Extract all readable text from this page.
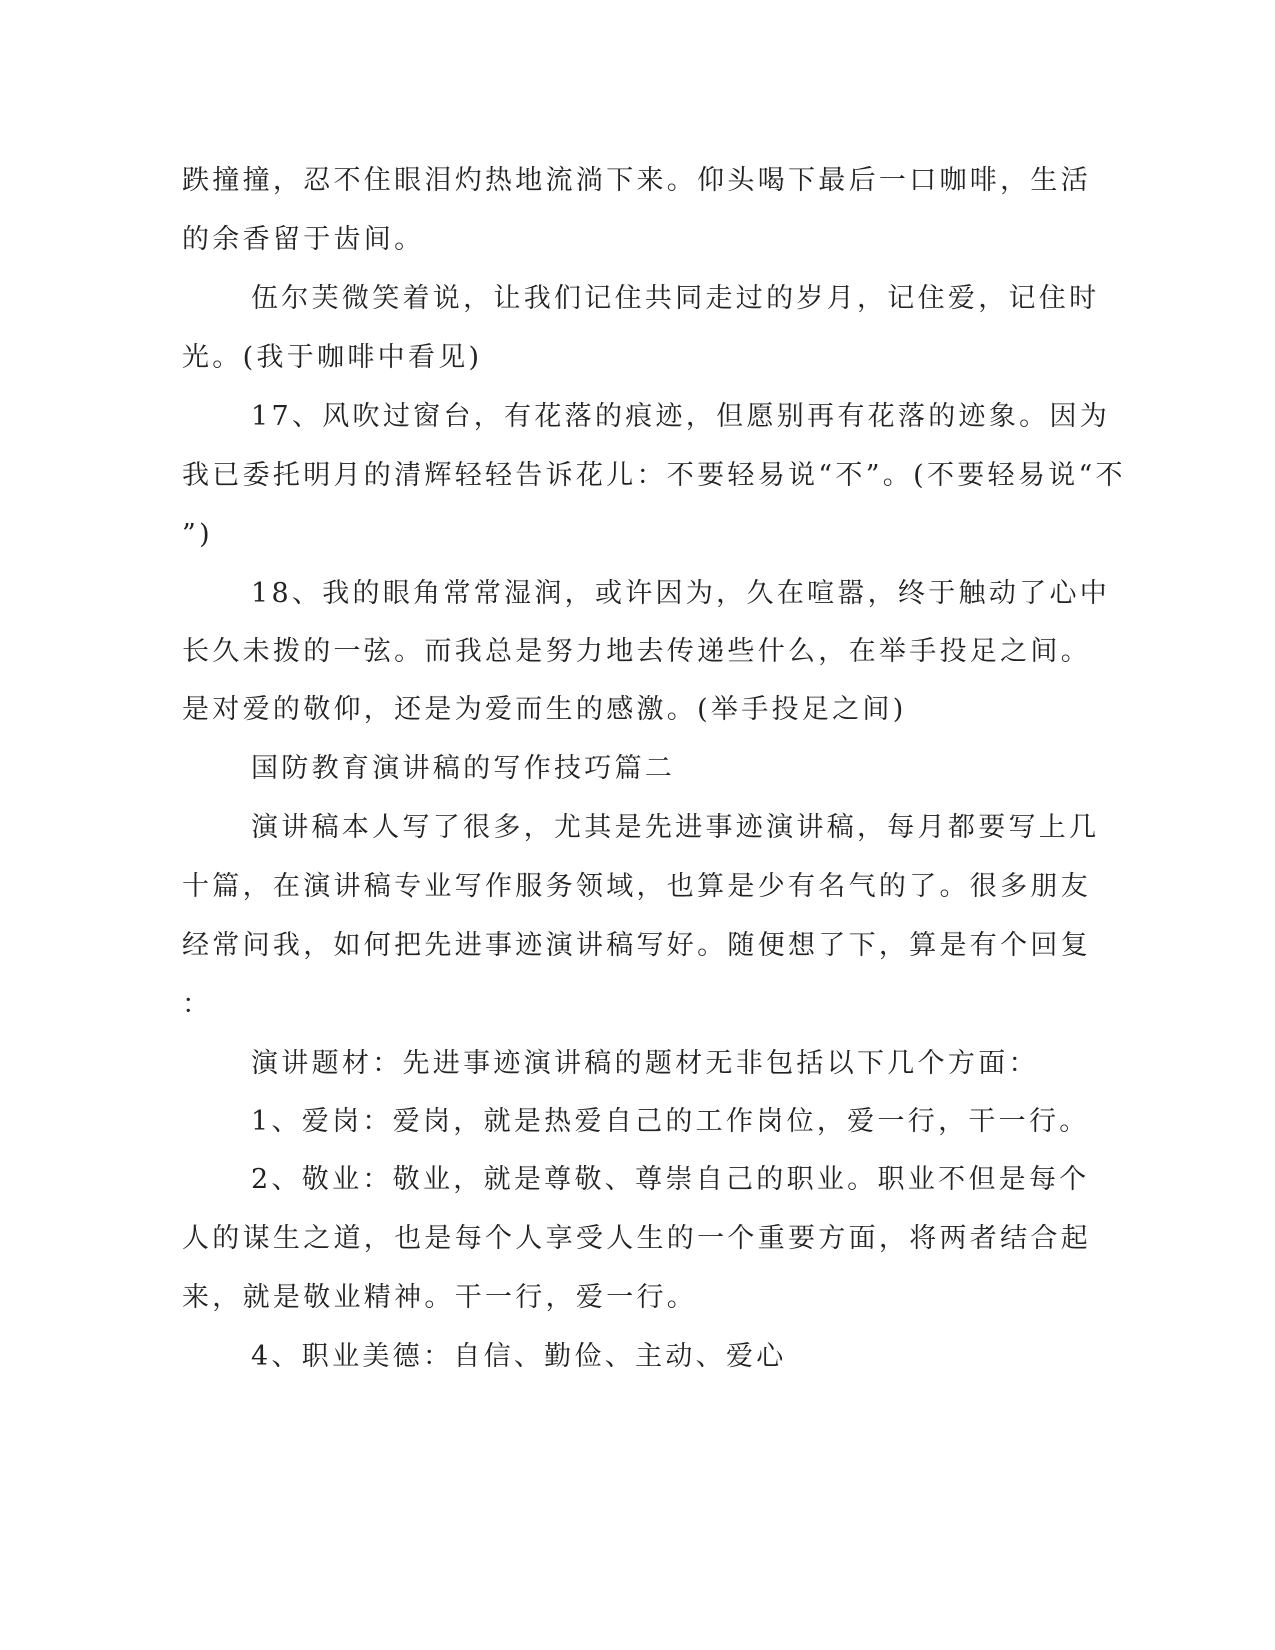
跌撞撞，忍不住眼泪灼热地流淌下来。仰头喝下最后一口咖啡，生活
的余香留于齿间。
伍尔芙微笑着说，让我们记住共同走过的岁月，记住爱，记住时
光。(我于咖啡中看见)
17、风吹过窗台，有花落的痕迹，但愿别再有花落的迹象。因为
我已委托明月的清辉轻轻告诉花儿：不要轻易说“不”。(不要轻易说“不
”)
18、我的眼角常常湿润，或许因为，久在喧嚣，终于触动了心中
长久未拨的一弦。而我总是努力地去传递些什么，在举手投足之间。
是对爱的敬仰，还是为爱而生的感激。(举手投足之间)
国防教育演讲稿的写作技巧篇二
演讲稿本人写了很多，尤其是先进事迹演讲稿，每月都要写上几
十篇，在演讲稿专业写作服务领域，也算是少有名气的了。很多朋友
经常问我，如何把先进事迹演讲稿写好。随便想了下，算是有个回复
：
演讲题材：先进事迹演讲稿的题材无非包括以下几个方面：
1、爱岗：爱岗，就是热爱自己的工作岗位，爱一行，干一行。
2、敬业：敬业，就是尊敬、尊崇自己的职业。职业不但是每个
人的谋生之道，也是每个人享受人生的一个重要方面，将两者结合起
来，就是敬业精神。干一行，爱一行。
4、职业美德：自信、勤俭、主动、爱心
